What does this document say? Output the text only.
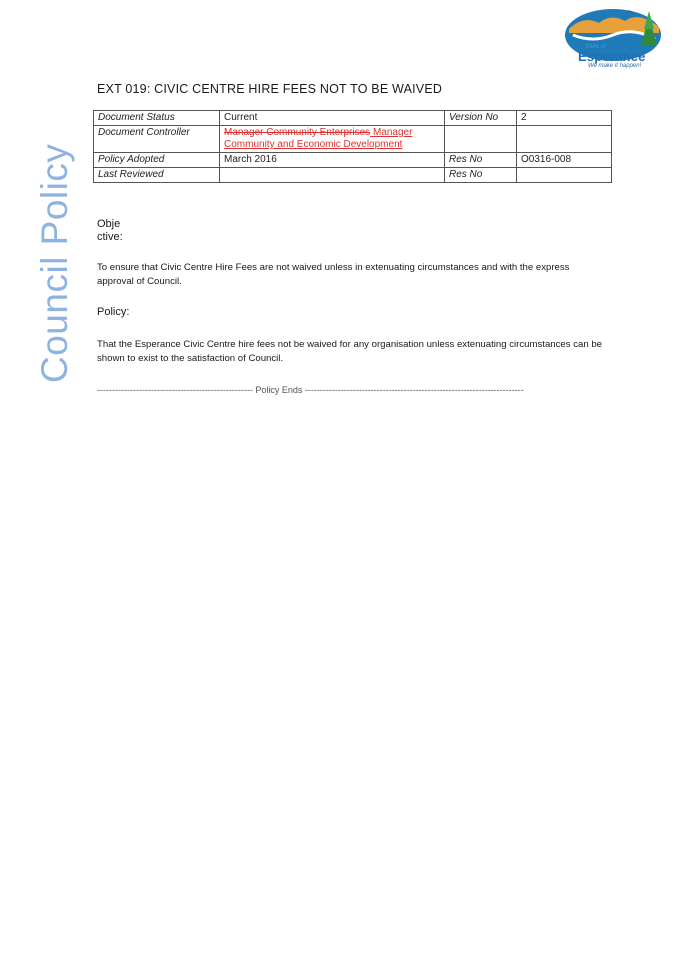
Council Policy
Shire of
Esperance
We make it happen!
EXT 019: CIVIC CENTRE HIRE FEES NOT TO BE WAIVED
Document Status	Current	Version No	2
Document Controller	Manager Community Enterprises Manager Community and Economic Development		
Policy Adopted	March 2016	Res No	O0316-008
Last Reviewed		Res No	
Obje ctive:
To ensure that Civic Centre Hire Fees are not waived unless in extenuating circumstances and with the express approval of Council.
Policy:
That the Esperance Civic Centre hire fees not be waived for any organisation unless extenuating circumstances can be shown to exist to the satisfaction of Council.
---------------------------------------------------- Policy Ends -------------------------------------------------------------------------
